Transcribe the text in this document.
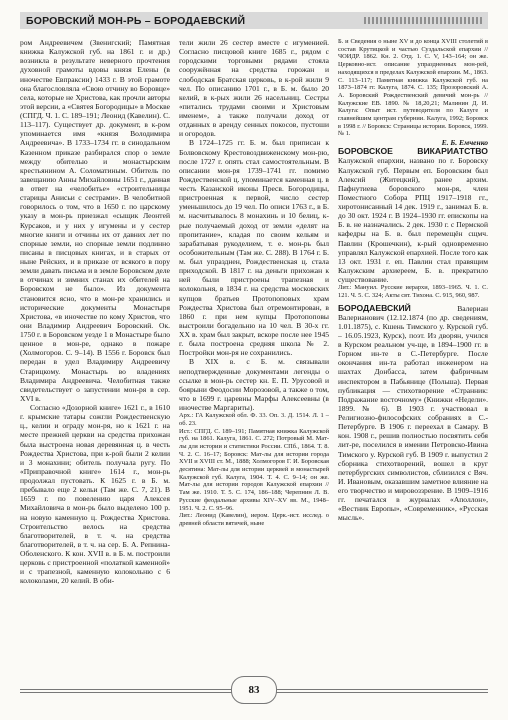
БОРОВСКИЙ МОН-РЬ – БОРОДАЕВСКИЙ

ром Андреевичем (Звенигский; Памятная книжка Калужской губ. на 1861 г. и др.) возникла в результате неверного прочтения духовной грамоты вдовы князя Елены (в иночестве Евпраксии) 1433 г. В этой грамоте она благословляла «Свою отчину во Боровце» села, которые не Христова, как прочли авторы этой версии, а «Святея Богородицы» в Москве (СПГД. Ч. 1. С. 189–191; Леонид (Кавелин). С. 113–117). Существует др. документ, в к-ром упоминается имя «князя Володимира Андреевича». В 1733–1734 гг. в синодальном Казенном приказе разбирался спор о земле между обителью и монастырским крестьянином А. Соломатиным. Обитель по завещанию Анны Михайловны 1651 г., данная в ответ на «челобитье» «строительницы старицы Анисьи с сестрами». В челобитной говорилось о том, что в 1650 г. по царскому указу в мон-рь приезжал «сыщик Леонтей Курсаков, и у них у игумены и у сестер многие книги и отчины их от давних лет по спорные земли, но спорные земли подлинно писаны в писцовых книгах, и в старых от ныне Рейских, и в приказе от всякого в пору земли давать письма и в земле Боровском деле в отчинах и зимних станах их обителей на Боровском не было». Из документа становится ясно, что в мон-ре хранились и исторические документы Монастыря Христова, «в иночестве по кому Христов, что они Владимир Андреевич Боровский. Ок. 1750 г. в Боровском уезде 1 в Монастыре было ценное в мон-ре, однако в пожаре (Холмогоров. С. 9–14). В 1556 г. Боровск был передан в удел Владимиру Андреевичу Старицкому. Монастырь во владениях Владимира Андреевича. Челобитная также свидетельствует о запустении мон-ря в сер. XVI в.

Согласно «Дозорной книге» 1621 г., в 1610 г. крымские татары сожгли Рождественскую ц., келии и ограду мон-ря, но к 1621 г. на месте прежней церкви на средства прихожан была выстроена новая деревянная ц. в честь Рождества Христова, при к-рой были 2 келии и 3 монахини; обитель получала ругу. По «Приправочной книге» 1614 г., мон-рь продолжал пустовать. К 1625 г. в Б. м. пребывало еще 2 кельи (Там же. С. 7, 21). В 1659 г. по повелению царя Алексея Михайловича в мон-рь было выделено 100 р. на новую каменную ц. Рождества Христова. Строительство велось на средства благотворителей, в т. ч. на средства благотворителей, в т. ч. на сер. Б. А. Репнина-Оболенского. К кон. XVII в. в Б. м. построили церковь с пристроенной «полаткой каменной» и с трапезной, каменную колокольню с 6 колоколами, 20 келий. В оби-

тели жили 26 сестер вместе с игуменией. Согласно писцовой книге 1685 г., рядом с городскими торговыми рядами стояла сооружённая на средства горожан и слободская Братская церковь, в к-рой жили 9 чел. По описанию 1701 г., в Б. м. было 20 келий, в к-рых жили 26 насельниц. Сестры «питались трудами своими и Христовым именем», а также получали доход от отданных в аренду сенных покосов, пустоши и огородов.

В 1724–1725 гг. Б. м. был приписан к Болвовскому Крестовоздвиженскому мон-рю, после 1727 г. опять стал самостоятельным. В описании мон-ря 1739–1741 гг. помимо Рождественской ц. упоминается каменная ц. в честь Казанской иконы Пресв. Богородицы, пристроенная к первой, число сестер уменьшилось до 19 чел. По описи 1763 г., в Б. м. насчитывалось 8 монахинь и 10 белиц, к-рые получаемый доход от земли «делят на пропитание», кладая по своим кельям и зарабатывая рукоделием, т. е. мон-рь был особожительным (Там же. С. 288). В 1764 г. Б. м. был упразднен, Рождественская ц. стала приходской. В 1817 г. на деньги прихожан к ней были пристроены трапезная и колокольня, в 1834 г. на средства московских купцов братьев Протопоповых храм Рождества Христова был отремонтирован, в 1860 г. при нем купцы Протопоповы выстроили богадельню на 10 чел. В 30-х гг. XX в. храм был закрыт, вскоре после нее 1945 г. была построена средняя школа № 2. Постройки мон-ря не сохранились.

В XIX в. с Б. м. связывали неподтвержденные документами легенды о ссылке в мон-рь сестер кн. Е. П. Урусовой и боярыни Феодосии Морозовой, а также о том, что в 1699 г. царевны Марфы Алексеевны (в иночестве Маргариты).

Арх.: ГА Калужской обл. Ф. 33. Оп. 3. Д. 1514. Л. 1 – об. 23.
Ист.: СПГД. С. 189–191; Памятная книжка Калужской губ. на 1861. Калуга, 1861. С. 272; Потровый М. Мат-лы для истории и статистики России. СПб., 1864. Т. 8. Ч. 2. С. 16–17; Боровск: Мат-лы для истории города XVII и XVIII ст. М., 1888; Холмогоров Г. И. Боровская десятина: Мат-лы для истории церквей и монастырей Калужской губ. Калуга, 1904. Т. 4. С. 9–14; он же. Мат-лы для истории городов Калужской епархии // Там же. 1910. Т. 5. С. 174, 186–188; Черепнин Л. В. Русские феодальные архивы XIV–XV вв. М., 1948–1951. Ч. 2. С. 95–96.
Лит.: Леонид (Кавелин), иером. Церк.-ист. исслед. о древней области вятичей, ныне

Б. и Сведения о ныне XV и до конца XVIII столетий в состав Крутицкой и частью Суздальской епархии // ЧОИДР. 1862. Кн. 2. Отд. 1. С. V, 143–164; он же. Церковно-ист. описание упраздненных мон-рей, находящихся в пределах Калужской епархии. М., 1863. С. 113–117; Памятная книжка Калужской губ. на 1873–1874 гг. Калуга, 1874. С. 135; Прозоровский А. А. Боровский Рождественский девичий мон-рь // Калужские ЕВ. 1890. № 18,20,21; Малинин Д. И. Калуга: Опыт ист. путеводителя по Калуге и главнейшим центрам губернии. Калуга, 1992; Боровск в 1998 г. // Боровск: Страницы истории. Боровск, 1999. № 1.

Е. Б. Емченко

БОРОВСКОЕ ВИКАРИАТСТВО Калужской епархии, названо по г. Боровску Калужской губ. Первым еп. Боровским был Алексий (Житецкий), ранее архим. Пафнутиева боровского мон-ря, член Поместного Собора РПЦ 1917–1918 гг., хиротонисанный 14 дек. 1919 г., занимал Б. в. до 30 окт. 1924 г. В 1924–1930 гг. епископы на Б. в. не назначались. 2 дек. 1930 г. с Пермской кафедры на Б. в. был перемещён сщмч. Павлин (Крошечкин), к-рый одновременно управлял Калужской епархией. После того как 13 окт. 1931 г. еп. Павлин стал правящим Калужским архиереем, Б. в. прекратило существование.

Лит.: Мануил. Русские иерархи, 1893–1965. Ч. 1. С. 121. Ч. 5. С. 324; Акты свт. Тихона. С. 915, 960, 987.

БОРОДАЕВСКИЙ	Валериан Валерианович (12.12.1874 (по др. сведениям, 1.01.1875), с. Кшень Тимского у. Курской губ. – 16.05.1923, Курск), поэт. Из дворян, учился в Курском реальном уч-ще, в 1894–1900 гг. в Горном ин-те в С.-Петербурге. После окончания ин-та работал инженером на шахтах Донбасса, затем фабричным инспектором в Пабьянице (Польша). Первая публикация — стихотворение «Странник: Подражание восточному» (Книжки «Недели». 1899. № 6). В 1903 г. участвовал в Религиозно-философских собраниях в С.-Петербурге. В 1906 г. переехал в Самару. В кон. 1908 г., решив полностью посвятить себя лит-ре, поселился в имении Петровско-Ивина Тимского у. Курской губ. В 1909 г. выпустил 2 сборника стихотворений, вошел в круг петербургских символистов, сблизился с Вяч. И. Ивановым, оказавшим заметное влияние на его творчество и мировоззрение. В 1909–1916 гг. печатался в журналах «Аполлон», «Вестник Европы», «Современник», «Русская мысль».

83
